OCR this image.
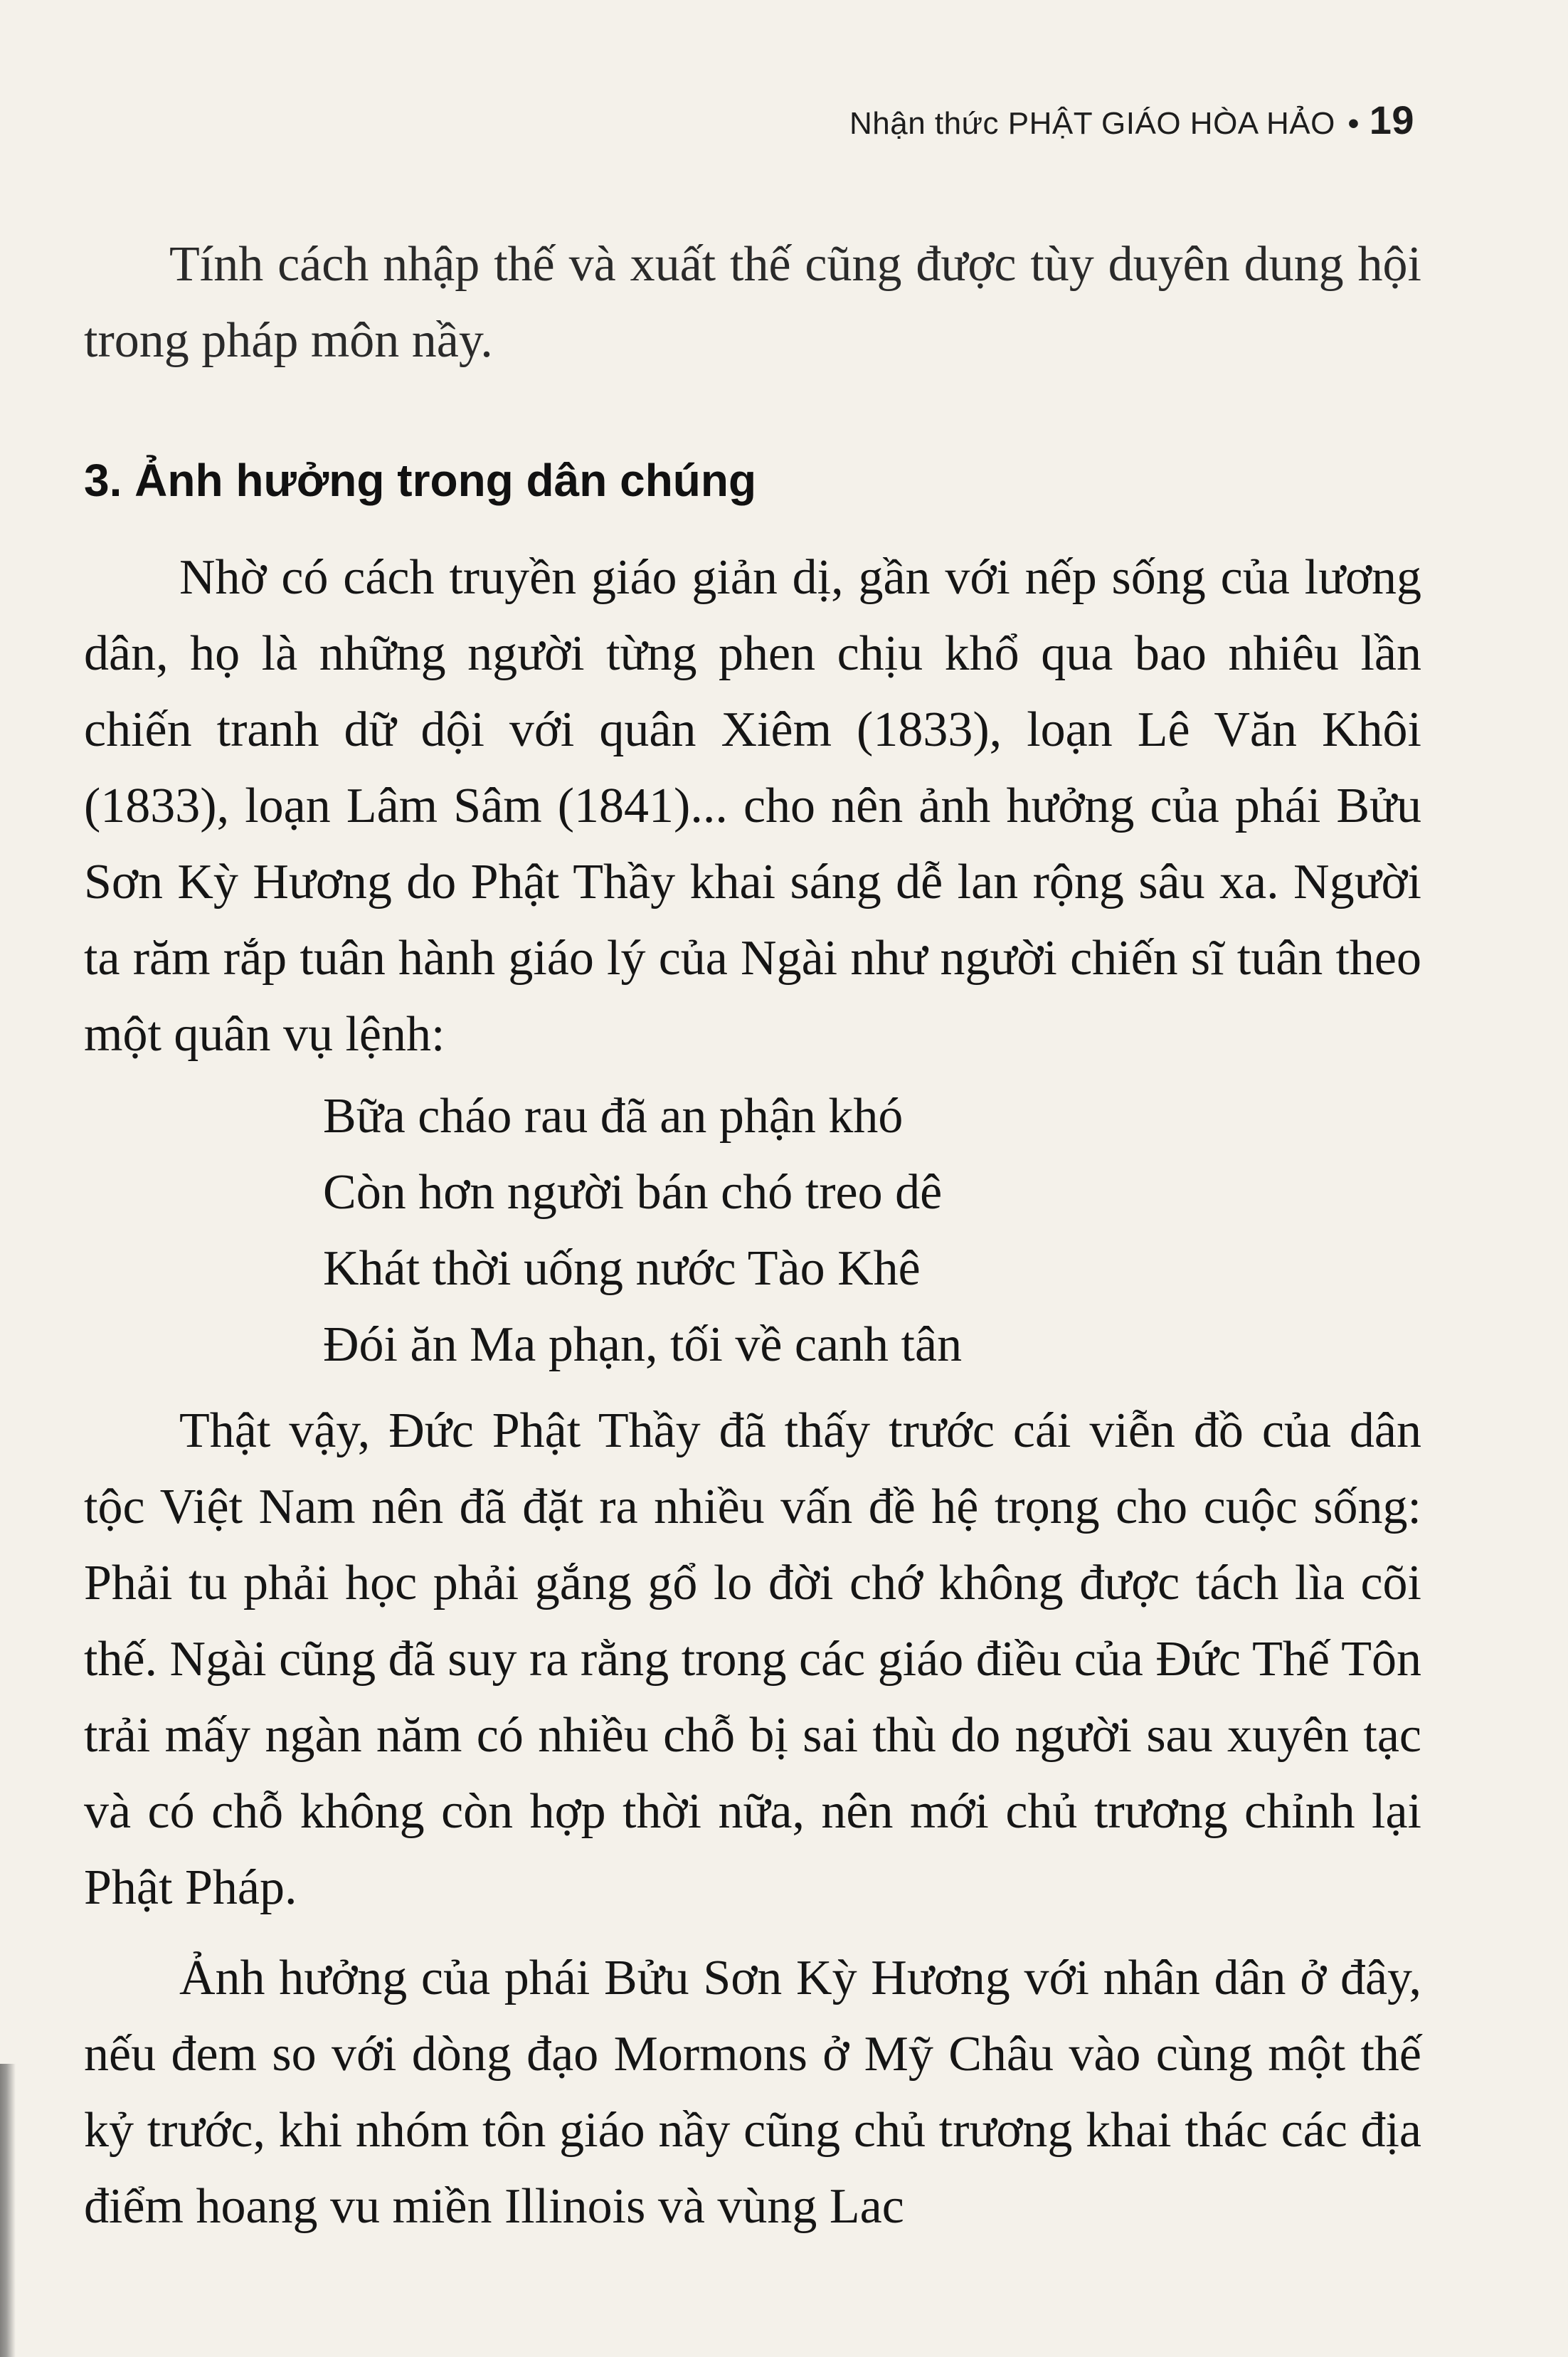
Nhận thức PHẬT GIÁO HÒA HẢO • 19

Tính cách nhập thế và xuất thế cũng được tùy duyên dung hội trong pháp môn nầy.

3. Ảnh hưởng trong dân chúng

Nhờ có cách truyền giáo giản dị, gần với nếp sống của lương dân, họ là những người từng phen chịu khổ qua bao nhiêu lần chiến tranh dữ dội với quân Xiêm (1833), loạn Lê Văn Khôi (1833), loạn Lâm Sâm (1841)... cho nên ảnh hưởng của phái Bửu Sơn Kỳ Hương do Phật Thầy khai sáng dễ lan rộng sâu xa. Người ta răm rắp tuân hành giáo lý của Ngài như người chiến sĩ tuân theo một quân vụ lệnh:

Bữa cháo rau đã an phận khó
Còn hơn người bán chó treo dê
Khát thời uống nước Tào Khê
Đói ăn Ma phạn, tối về canh tân

Thật vậy, Đức Phật Thầy đã thấy trước cái viễn đồ của dân tộc Việt Nam nên đã đặt ra nhiều vấn đề hệ trọng cho cuộc sống: Phải tu phải học phải gắng gổ lo đời chớ không được tách lìa cõi thế. Ngài cũng đã suy ra rằng trong các giáo điều của Đức Thế Tôn trải mấy ngàn năm có nhiều chỗ bị sai thù do người sau xuyên tạc và có chỗ không còn hợp thời nữa, nên mới chủ trương chỉnh lại Phật Pháp.

Ảnh hưởng của phái Bửu Sơn Kỳ Hương với nhân dân ở đây, nếu đem so với dòng đạo Mormons ở Mỹ Châu vào cùng một thế kỷ trước, khi nhóm tôn giáo nầy cũng chủ trương khai thác các địa điểm hoang vu miền Illinois và vùng Lac
